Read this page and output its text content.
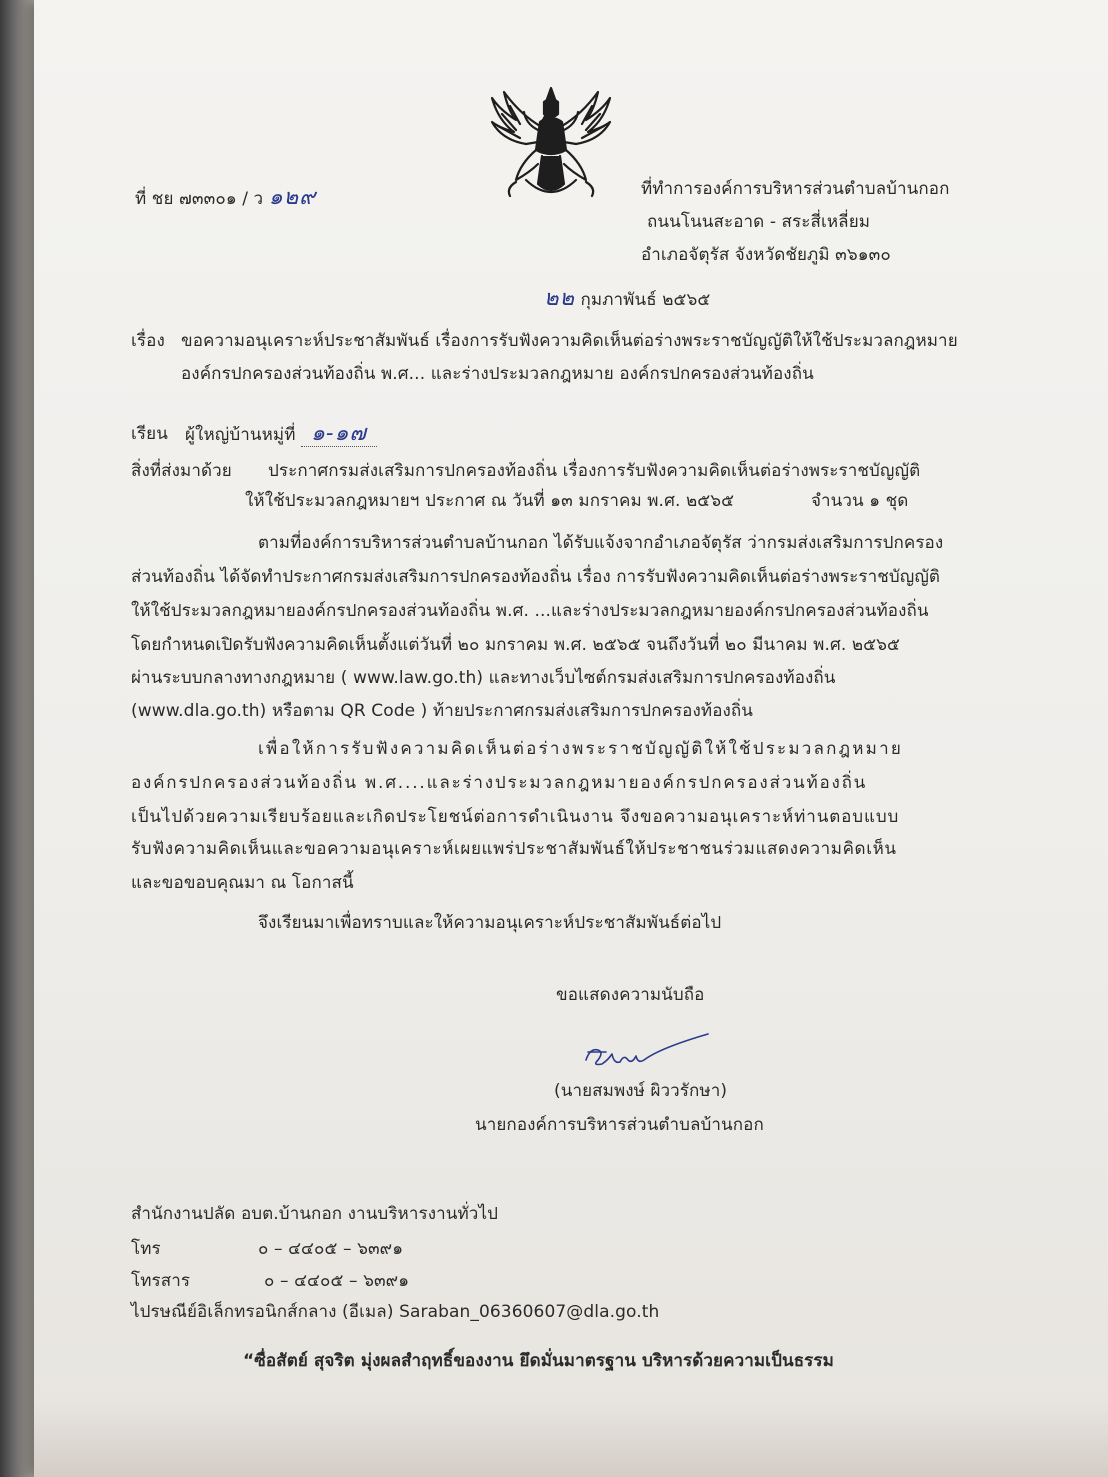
ที่ ชย ๗๓๓๐๑ / ว ๑๒๙	ที่ทำการองค์การบริหารส่วนตำบลบ้านกอก
ถนนโนนสะอาด - สระสี่เหลี่ยม
อำเภอจัตุรัส จังหวัดชัยภูมิ ๓๖๑๓๐
๒๒ กุมภาพันธ์ ๒๕๖๕
เรื่อง ขอความอนุเคราะห์ประชาสัมพันธ์ เรื่องการรับฟังความคิดเห็นต่อร่างพระราชบัญญัติให้ใช้ประมวลกฎหมาย
องค์กรปกครองส่วนท้องถิ่น พ.ศ... และร่างประมวลกฎหมาย องค์กรปกครองส่วนท้องถิ่น
เรียน ผู้ใหญ่บ้านหมู่ที่ ๑-๑๗
สิ่งที่ส่งมาด้วย ประกาศกรมส่งเสริมการปกครองท้องถิ่น เรื่องการรับฟังความคิดเห็นต่อร่างพระราชบัญญัติ
ให้ใช้ประมวลกฎหมายฯ ประกาศ ณ วันที่ ๑๓ มกราคม พ.ศ. ๒๕๖๕	จำนวน ๑ ชุด
ตามที่องค์การบริหารส่วนตำบลบ้านกอก ได้รับแจ้งจากอำเภอจัตุรัส ว่ากรมส่งเสริมการปกครอง
ส่วนท้องถิ่น ได้จัดทำประกาศกรมส่งเสริมการปกครองท้องถิ่น เรื่อง การรับฟังความคิดเห็นต่อร่างพระราชบัญญัติ
ให้ใช้ประมวลกฎหมายองค์กรปกครองส่วนท้องถิ่น พ.ศ. ...และร่างประมวลกฎหมายองค์กรปกครองส่วนท้องถิ่น
โดยกำหนดเปิดรับฟังความคิดเห็นตั้งแต่วันที่ ๒๐ มกราคม พ.ศ. ๒๕๖๕ จนถึงวันที่ ๒๐ มีนาคม พ.ศ. ๒๕๖๕
ผ่านระบบกลางทางกฎหมาย ( www.law.go.th) และทางเว็บไซต์กรมส่งเสริมการปกครองท้องถิ่น
(www.dla.go.th) หรือตาม QR Code ) ท้ายประกาศกรมส่งเสริมการปกครองท้องถิ่น
เพื่อให้การรับฟังความคิดเห็นต่อร่างพระราชบัญญัติให้ใช้ประมวลกฎหมาย
องค์กรปกครองส่วนท้องถิ่น พ.ศ....และร่างประมวลกฎหมายองค์กรปกครองส่วนท้องถิ่น
เป็นไปด้วยความเรียบร้อยและเกิดประโยชน์ต่อการดำเนินงาน จึงขอความอนุเคราะห์ท่านตอบแบบ
รับฟังความคิดเห็นและขอความอนุเคราะห์เผยแพร่ประชาสัมพันธ์ให้ประชาชนร่วมแสดงความคิดเห็น
และขอขอบคุณมา ณ โอกาสนี้
จึงเรียนมาเพื่อทราบและให้ความอนุเคราะห์ประชาสัมพันธ์ต่อไป
ขอแสดงความนับถือ
(นายสมพงษ์ ผิววรักษา)
นายกองค์การบริหารส่วนตำบลบ้านกอก
สำนักงานปลัด อบต.บ้านกอก งานบริหารงานทั่วไป
โทร	๐ – ๔๔๐๕ – ๖๓๙๑
โทรสาร	๐ – ๔๔๐๕ – ๖๓๙๑
ไปรษณีย์อิเล็กทรอนิกส์กลาง (อีเมล) Saraban_06360607@dla.go.th
“ซื่อสัตย์ สุจริต มุ่งผลสำฤทธิ์ของงาน ยึดมั่นมาตรฐาน บริหารด้วยความเป็นธรรม
